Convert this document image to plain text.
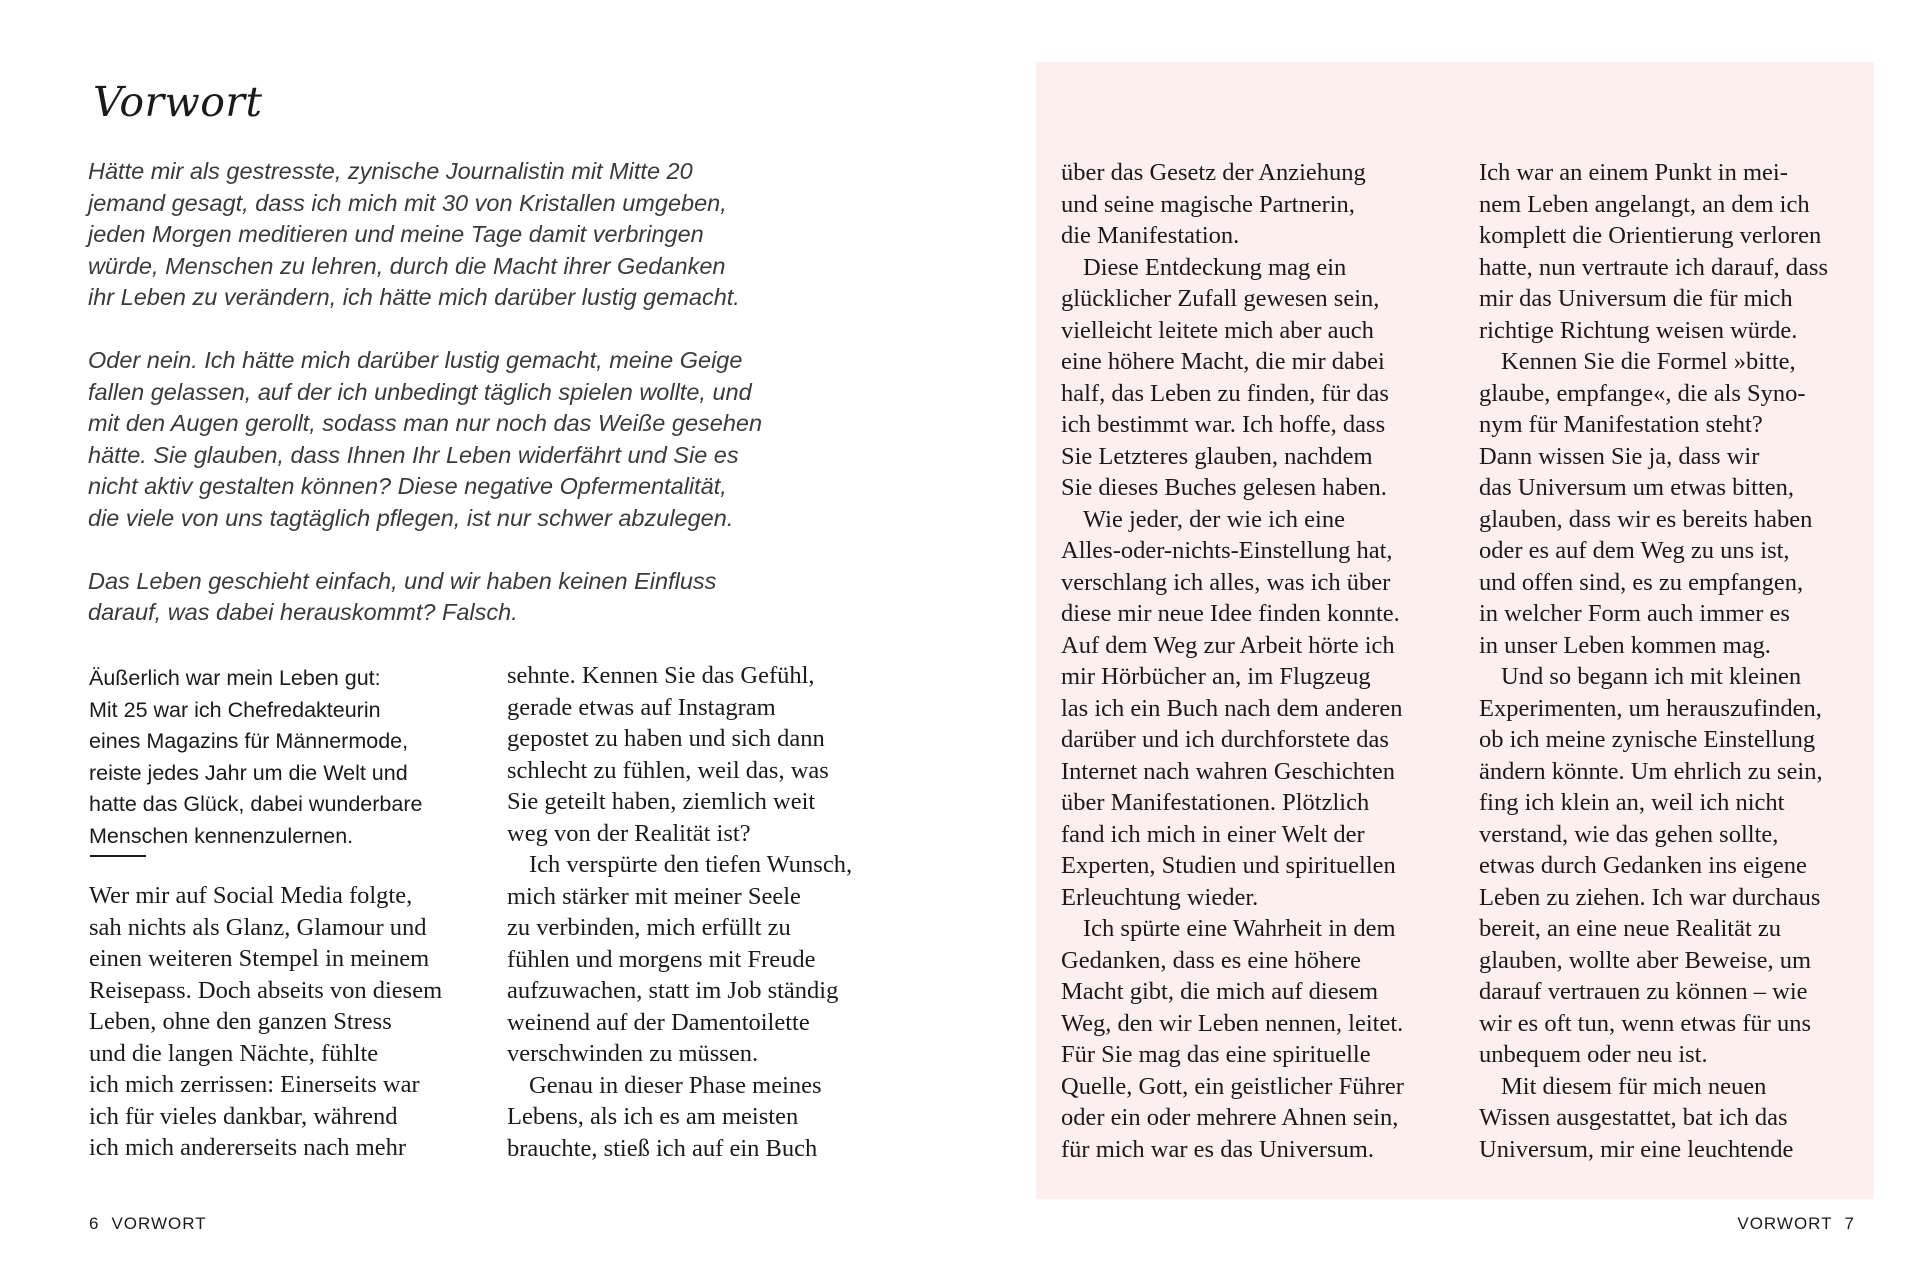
Vorwort

Hätte mir als gestresste, zynische Journalistin mit Mitte 20
jemand gesagt, dass ich mich mit 30 von Kristallen umgeben,
jeden Morgen meditieren und meine Tage damit verbringen
würde, Menschen zu lehren, durch die Macht ihrer Gedanken
ihr Leben zu verändern, ich hätte mich darüber lustig gemacht.

Oder nein. Ich hätte mich darüber lustig gemacht, meine Geige
fallen gelassen, auf der ich unbedingt täglich spielen wollte, und
mit den Augen gerollt, sodass man nur noch das Weiße gesehen
hätte. Sie glauben, dass Ihnen Ihr Leben widerfährt und Sie es
nicht aktiv gestalten können? Diese negative Opfermentalität,
die viele von uns tagtäglich pflegen, ist nur schwer abzulegen.

Das Leben geschieht einfach, und wir haben keinen Einfluss
darauf, was dabei herauskommt? Falsch.

Äußerlich war mein Leben gut:
Mit 25 war ich Chefredakteurin
eines Magazins für Männermode,
reiste jedes Jahr um die Welt und
hatte das Glück, dabei wunderbare
Menschen kennenzulernen.
Wer mir auf Social Media folgte,
sah nichts als Glanz, Glamour und
einen weiteren Stempel in meinem
Reisepass. Doch abseits von diesem
Leben, ohne den ganzen Stress
und die langen Nächte, fühlte
ich mich zerrissen: Einerseits war
ich für vieles dankbar, während
ich mich andererseits nach mehr
sehnte. Kennen Sie das Gefühl,
gerade etwas auf Instagram
gepostet zu haben und sich dann
schlecht zu fühlen, weil das, was
Sie geteilt haben, ziemlich weit
weg von der Realität ist?
Ich verspürte den tiefen Wunsch,
mich stärker mit meiner Seele
zu verbinden, mich erfüllt zu
fühlen und morgens mit Freude
aufzuwachen, statt im Job ständig
weinend auf der Damentoilette
verschwinden zu müssen.
Genau in dieser Phase meines
Lebens, als ich es am meisten
brauchte, stieß ich auf ein Buch
6 VORWORT
über das Gesetz der Anziehung
und seine magische Partnerin,
die Manifestation.
Diese Entdeckung mag ein
glücklicher Zufall gewesen sein,
vielleicht leitete mich aber auch
eine höhere Macht, die mir dabei
half, das Leben zu finden, für das
ich bestimmt war. Ich hoffe, dass
Sie Letzteres glauben, nachdem
Sie dieses Buches gelesen haben.
Wie jeder, der wie ich eine
Alles-oder-nichts-Einstellung hat,
verschlang ich alles, was ich über
diese mir neue Idee finden konnte.
Auf dem Weg zur Arbeit hörte ich
mir Hörbücher an, im Flugzeug
las ich ein Buch nach dem anderen
darüber und ich durchforstete das
Internet nach wahren Geschichten
über Manifestationen. Plötzlich
fand ich mich in einer Welt der
Experten, Studien und spirituellen
Erleuchtung wieder.
Ich spürte eine Wahrheit in dem
Gedanken, dass es eine höhere
Macht gibt, die mich auf diesem
Weg, den wir Leben nennen, leitet.
Für Sie mag das eine spirituelle
Quelle, Gott, ein geistlicher Führer
oder ein oder mehrere Ahnen sein,
für mich war es das Universum.
Ich war an einem Punkt in mei-
nem Leben angelangt, an dem ich
komplett die Orientierung verloren
hatte, nun vertraute ich darauf, dass
mir das Universum die für mich
richtige Richtung weisen würde.
Kennen Sie die Formel »bitte,
glaube, empfange«, die als Syno-
nym für Manifestation steht?
Dann wissen Sie ja, dass wir
das Universum um etwas bitten,
glauben, dass wir es bereits haben
oder es auf dem Weg zu uns ist,
und offen sind, es zu empfangen,
in welcher Form auch immer es
in unser Leben kommen mag.
Und so begann ich mit kleinen
Experimenten, um herauszufinden,
ob ich meine zynische Einstellung
ändern könnte. Um ehrlich zu sein,
fing ich klein an, weil ich nicht
verstand, wie das gehen sollte,
etwas durch Gedanken ins eigene
Leben zu ziehen. Ich war durchaus
bereit, an eine neue Realität zu
glauben, wollte aber Beweise, um
darauf vertrauen zu können – wie
wir es oft tun, wenn etwas für uns
unbequem oder neu ist.
Mit diesem für mich neuen
Wissen ausgestattet, bat ich das
Universum, mir eine leuchtende
VORWORT 7
